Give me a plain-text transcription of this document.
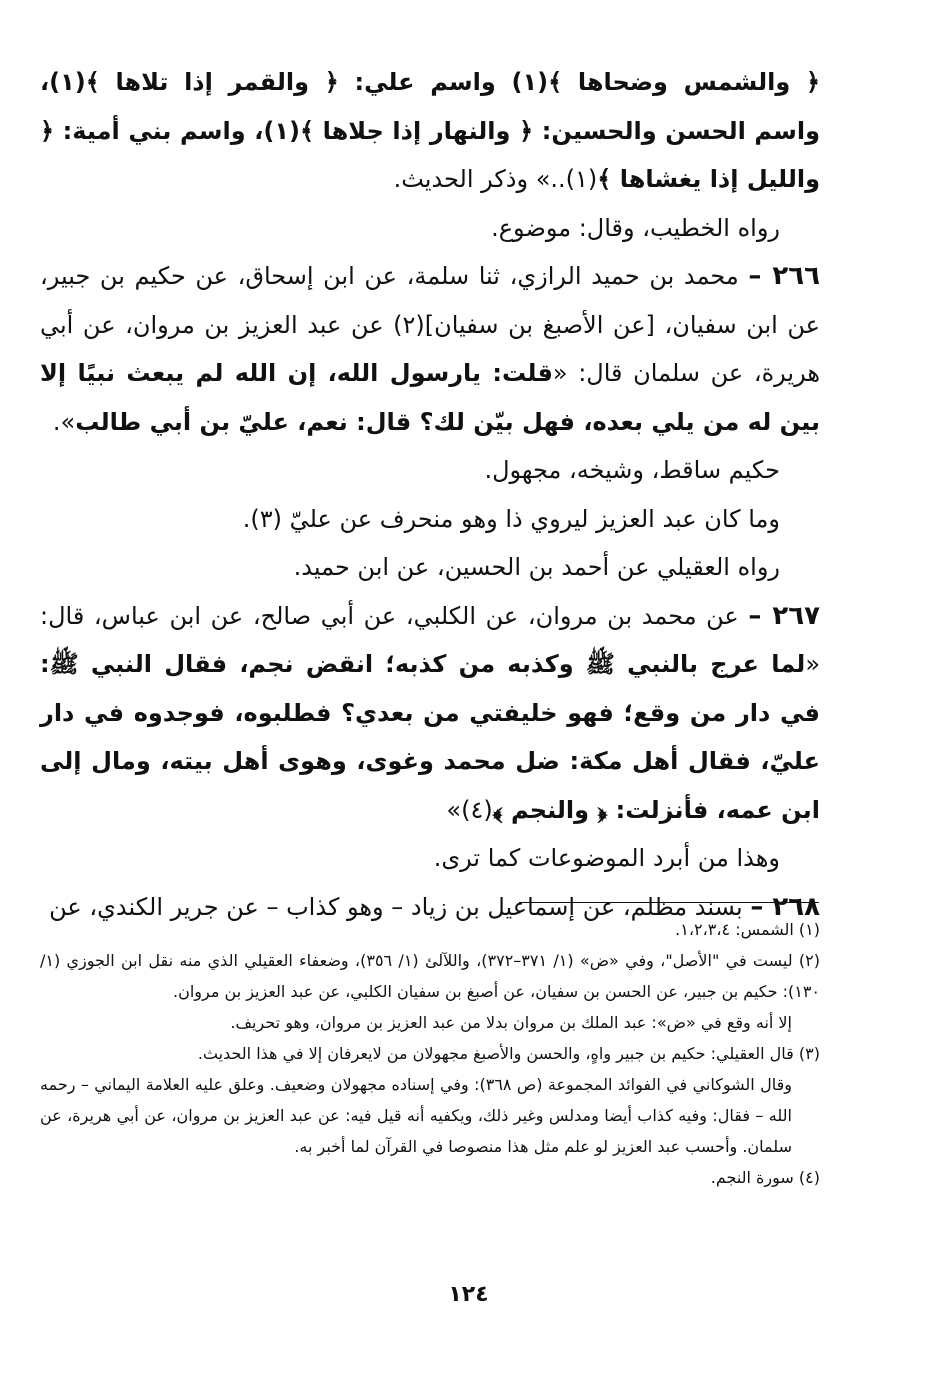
﴿ والشمس وضحاها ﴾(١) واسم علي: ﴿ والقمر إذا تلاها ﴾(١)، واسم الحسن والحسين: ﴿ والنهار إذا جلاها ﴾(١)، واسم بني أمية: ﴿ والليل إذا يغشاها ﴾(١)..» وذكر الحديث.

رواه الخطيب، وقال: موضوع.

٢٦٦ – محمد بن حميد الرازي، ثنا سلمة، عن ابن إسحاق، عن حكيم بن جبير، عن ابن سفيان، [عن الأصبغ بن سفيان](٢) عن عبد العزيز بن مروان، عن أبي هريرة، عن سلمان قال: «قلت: يارسول الله، إن الله لم يبعث نبيًا إلا بين له من يلي بعده، فهل بيّن لك؟ قال: نعم، عليّ بن أبي طالب».

حكيم ساقط، وشيخه، مجهول.

وما كان عبد العزيز ليروي ذا وهو منحرف عن عليّ (٣).

رواه العقيلي عن أحمد بن الحسين، عن ابن حميد.

٢٦٧ – عن محمد بن مروان، عن الكلبي، عن أبي صالح، عن ابن عباس، قال: «لما عرج بالنبي ﷺ وكذبه من كذبه؛ انقض نجم، فقال النبي ﷺ: في دار من وقع؛ فهو خليفتي من بعدي؟ فطلبوه، فوجدوه في دار عليّ، فقال أهل مكة: ضل محمد وغوى، وهوى أهل بيته، ومال إلى ابن عمه، فأنزلت: ﴿ والنجم ﴾(٤)»

وهذا من أبرد الموضوعات كما ترى.

٢٦٨ – بسند مظلم، عن إسماعيل بن زياد – وهو كذاب – عن جرير الكندي، عن

(١) الشمس: ١،٢،٣،٤.

(٢) ليست في "الأصل"، وفي «ض» (١/ ٣٧١–٣٧٢)، واللآلئ (١/ ٣٥٦)، وضعفاء العقيلي الذي منه نقل ابن الجوزي (١/ ١٣٠): حكيم بن جبير، عن الحسن بن سفيان، عن أصبغ بن سفيان الكلبي، عن عبد العزيز بن مروان.

إلا أنه وقع في «ض»: عبد الملك بن مروان بدلا من عبد العزيز بن مروان، وهو تحريف.

(٣) قال العقيلي: حكيم بن جبير واهٍ، والحسن والأصبغ مجهولان من لايعرفان إلا في هذا الحديث.

وقال الشوكاني في الفوائد المجموعة (ص ٣٦٨): وفي إسناده مجهولان وضعيف. وعلق عليه العلامة اليماني – رحمه الله – فقال: وفيه كذاب أيضا ومدلس وغير ذلك، ويكفيه أنه قيل فيه: عن عبد العزيز بن مروان، عن أبي هريرة، عن سلمان. وأحسب عبد العزيز لو علم مثل هذا منصوصا في القرآن لما أخبر به.

(٤) سورة النجم.

١٢٤
